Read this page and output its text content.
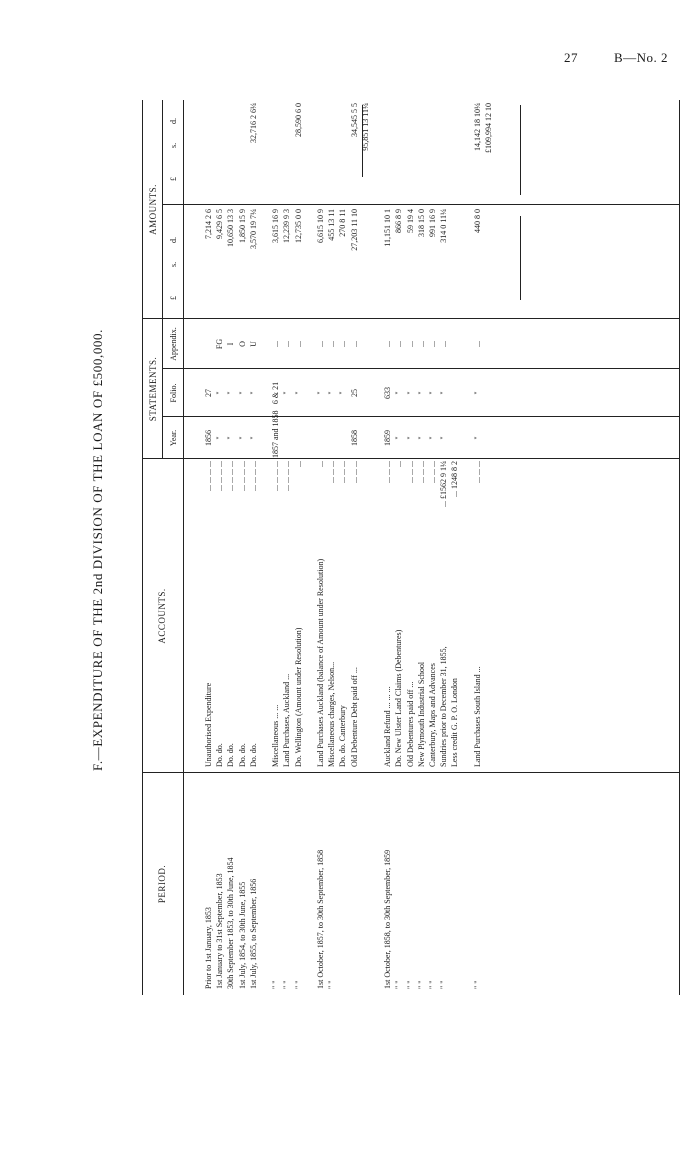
27	B—No. 2
F.—EXPENDITURE OF THE 2nd DIVISION OF THE LOAN OF £500,000.
PERIOD.
ACCOUNTS.
STATEMENTS.
AMOUNTS.
Year.
Folio.
Appendix.
£
s.
d.
£
s.
d.
Prior to 1st January, 1853
Unauthorised Expenditure
... ... ... ...
1856
27
7,214 2 6
1st January to 31st September, 1853
Do. do.
... ... ... ...
"
"
FG
9,429 6 5
30th September 1853, to 30th June, 1854
Do. do.
... ... ... ...
"
"
I
10,650 13 3
1st July, 1854, to 30th June, 1855
Do. do.
... ... ... ...
"
"
O
1,850 15 9
1st July, 1855, to September, 1856
Do. do.
... ... ... ...
"
"
U
3,570 19 7¼
32,716 2 6¼
" "
Miscellaneous ... ...
... ... ... ...
1857 and 1858
6 & 21
...
3,615 16 9
" "
Land Purchases, Auckland ...
... ... ... ...
"
...
12,239 9 3
" "
Do. Wellington (Amount under Resolution)
...
"
...
12,735 0 0
28,590 6 0
1st October, 1857, to 30th September, 1858
Land Purchases Auckland (balance of Amount under Resolution)
...
"
...
6,615 10 9
" "
Miscellaneous charges, Nelson...
... ... ...
"
...
455 13 11
Do. do. Canterbury
... ... ...
"
...
270 8 11
Old Debenture Debt paid off ...
... ... ...
1858
25
...
27,203 11 10
34,545 5 5 95,851 13 11¼
1st October, 1858, to 30th September, 1859
Auckland Refund ... ... ...
... ... ...
1859
633
...
11,151 10 1
" "
Do. New Ulster Land Claims (Debentures)
...
"
"
...
866 8 9
" "
Old Debentures paid off ...
... ... ...
"
"
...
59 19 4
" "
New Plymouth Industrial School
... ... ...
"
"
...
318 15 0
" "
Canterbury, Maps and Advances
... ... ...
"
"
...
991 16 9
" "
Sundries prior to December 31, 1855,
... £1562 9 1¼
"
"
...
314 0 11¼
Less credit G. P. O. London
... 1248 8 2
" "
Land Purchases South Island ...
... ... ...
"
"
...
440 8 0
14,142 18 10¼ £109,994 12 10
